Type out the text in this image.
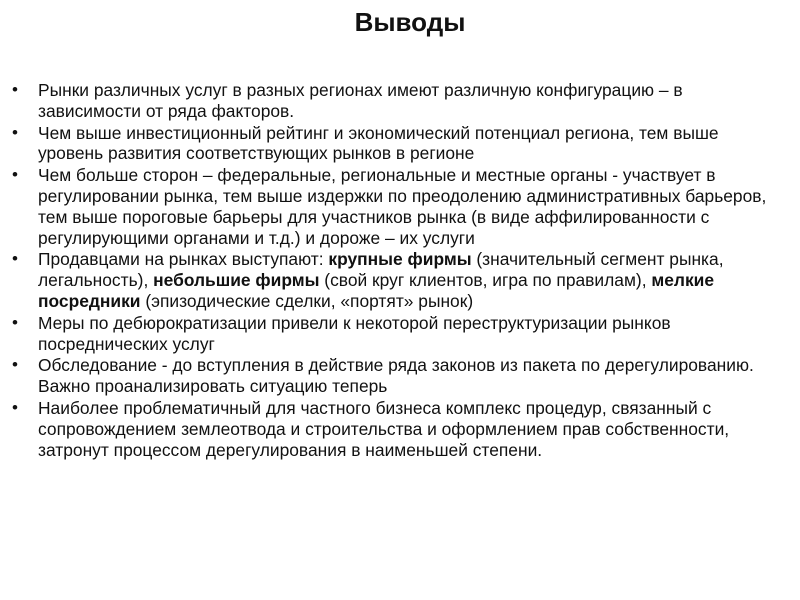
Выводы
• Рынки различных услуг в разных регионах имеют различную конфигурацию – в зависимости от ряда факторов.
• Чем выше инвестиционный рейтинг и экономический потенциал региона, тем выше уровень развития соответствующих рынков в регионе
• Чем больше сторон – федеральные, региональные и местные органы - участвует в регулировании рынка, тем выше издержки по преодолению административных барьеров, тем выше пороговые барьеры для участников рынка (в виде аффилированности с регулирующими органами и т.д.) и дороже – их услуги
• Продавцами на рынках выступают: крупные фирмы (значительный сегмент рынка, легальность), небольшие фирмы (свой круг клиентов, игра по правилам), мелкие посредники (эпизодические сделки, «портят» рынок)
• Меры по дебюрократизации привели к некоторой переструктуризации рынков посреднических услуг
• Обследование - до вступления в действие ряда законов из пакета по дерегулированию. Важно проанализировать ситуацию теперь
• Наиболее проблематичный для частного бизнеса комплекс процедур, связанный с сопровождением землеотвода и строительства и оформлением прав собственности, затронут процессом дерегулирования в наименьшей степени.
